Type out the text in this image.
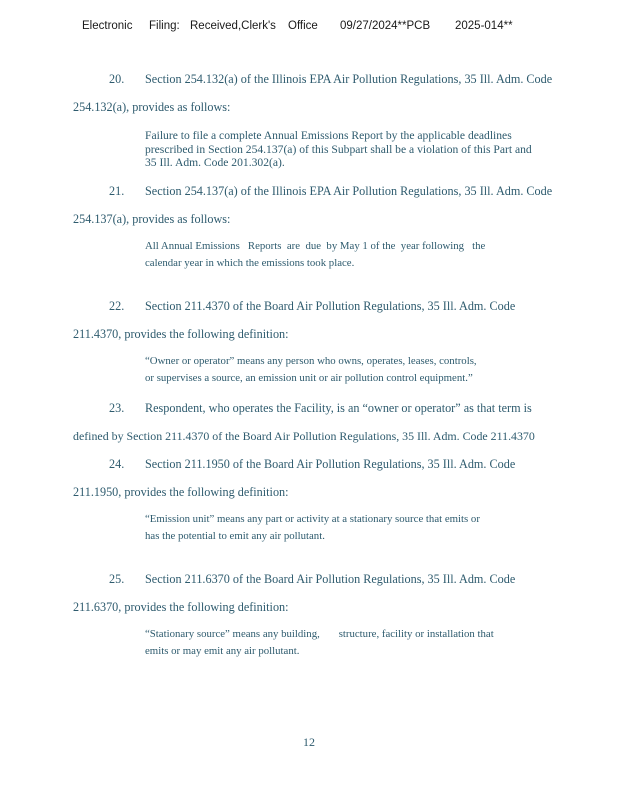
Electronic Filing: Received,Clerk's Office 09/27/2024**PCB 2025-014**
20. Section 254.132(a) of the Illinois EPA Air Pollution Regulations, 35 Ill. Adm. Code
254.132(a), provides as follows:
Failure to file a complete Annual Emissions Report by the applicable deadlines
prescribed in Section 254.137(a) of this Subpart shall be a violation of this Part and
35 Ill. Adm. Code 201.302(a).
21. Section 254.137(a) of the Illinois EPA Air Pollution Regulations, 35 Ill. Adm. Code
254.137(a), provides as follows:
All Annual Emissions   Reports  are  due  by May 1 of the  year following   the
calendar year in which the emissions took place.
22. Section 211.4370 of the Board Air Pollution Regulations, 35 Ill. Adm. Code
211.4370, provides the following definition:
“Owner or operator” means any person who owns, operates, leases, controls,
or supervises a source, an emission unit or air pollution control equipment.”
23. Respondent, who operates the Facility, is an “owner or operator” as that term is
defined by Section 211.4370 of the Board Air Pollution Regulations, 35 Ill. Adm. Code 211.4370
24. Section 211.1950 of the Board Air Pollution Regulations, 35 Ill. Adm. Code
211.1950, provides the following definition:
“Emission unit” means any part or activity at a stationary source that emits or
has the potential to emit any air pollutant.
25. Section 211.6370 of the Board Air Pollution Regulations, 35 Ill. Adm. Code
211.6370, provides the following definition:
“Stationary source” means any building,       structure, facility or installation that
emits or may emit any air pollutant.
12
